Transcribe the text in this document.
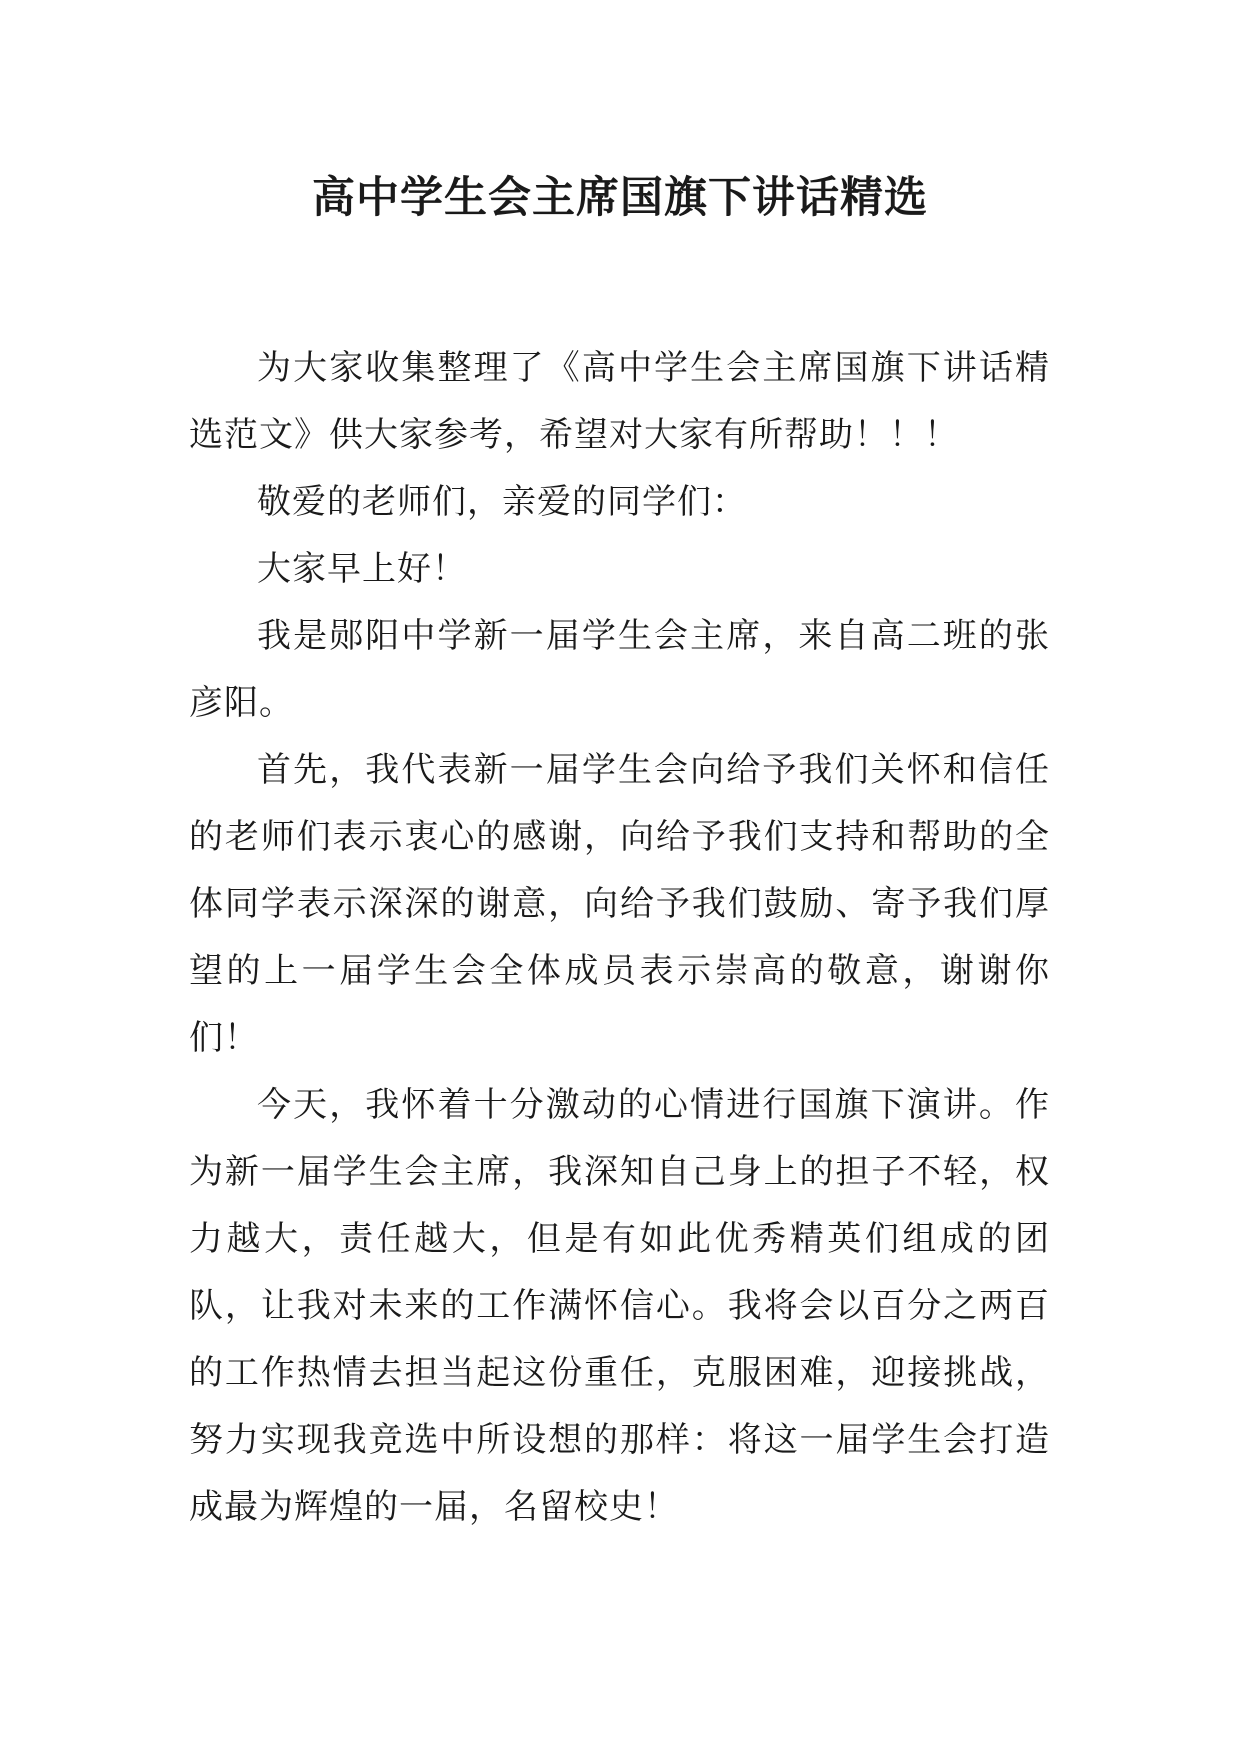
高中学生会主席国旗下讲话精选

为大家收集整理了《高中学生会主席国旗下讲话精选范文》供大家参考，希望对大家有所帮助！！！

敬爱的老师们，亲爱的同学们：

大家早上好！

我是郧阳中学新一届学生会主席，来自高二班的张彦阳。

首先，我代表新一届学生会向给予我们关怀和信任的老师们表示衷心的感谢，向给予我们支持和帮助的全体同学表示深深的谢意，向给予我们鼓励、寄予我们厚望的上一届学生会全体成员表示崇高的敬意，谢谢你们！

今天，我怀着十分激动的心情进行国旗下演讲。作为新一届学生会主席，我深知自己身上的担子不轻，权力越大，责任越大，但是有如此优秀精英们组成的团队，让我对未来的工作满怀信心。我将会以百分之两百的工作热情去担当起这份重任，克服困难，迎接挑战，努力实现我竞选中所设想的那样：将这一届学生会打造成最为辉煌的一届，名留校史！
